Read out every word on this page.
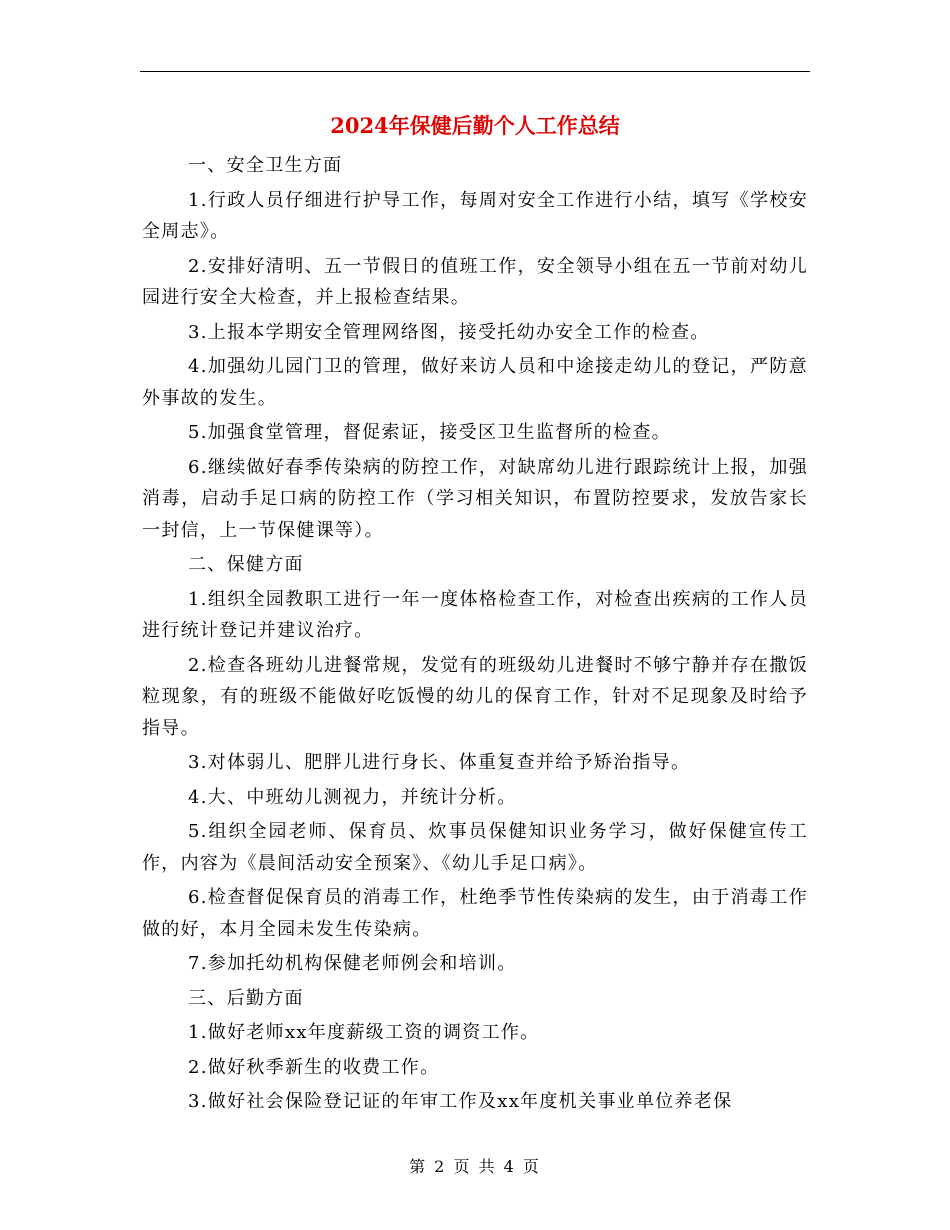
2024年保健后勤个人工作总结

一、安全卫生方面

1.行政人员仔细进行护导工作，每周对安全工作进行小结，填写《学校安全周志》。

2.安排好清明、五一节假日的值班工作，安全领导小组在五一节前对幼儿园进行安全大检查，并上报检查结果。

3.上报本学期安全管理网络图，接受托幼办安全工作的检查。

4.加强幼儿园门卫的管理，做好来访人员和中途接走幼儿的登记，严防意外事故的发生。

5.加强食堂管理，督促索证，接受区卫生监督所的检查。

6.继续做好春季传染病的防控工作，对缺席幼儿进行跟踪统计上报，加强消毒，启动手足口病的防控工作（学习相关知识，布置防控要求，发放告家长一封信，上一节保健课等）。

二、保健方面

1.组织全园教职工进行一年一度体格检查工作，对检查出疾病的工作人员进行统计登记并建议治疗。

2.检查各班幼儿进餐常规，发觉有的班级幼儿进餐时不够宁静并存在撒饭粒现象，有的班级不能做好吃饭慢的幼儿的保育工作，针对不足现象及时给予指导。

3.对体弱儿、肥胖儿进行身长、体重复查并给予矫治指导。

4.大、中班幼儿测视力，并统计分析。

5.组织全园老师、保育员、炊事员保健知识业务学习，做好保健宣传工作，内容为《晨间活动安全预案》、《幼儿手足口病》。

6.检查督促保育员的消毒工作，杜绝季节性传染病的发生，由于消毒工作做的好，本月全园未发生传染病。

7.参加托幼机构保健老师例会和培训。

三、后勤方面

1.做好老师xx年度薪级工资的调资工作。

2.做好秋季新生的收费工作。

3.做好社会保险登记证的年审工作及xx年度机关事业单位养老保

第 2 页 共 4 页
